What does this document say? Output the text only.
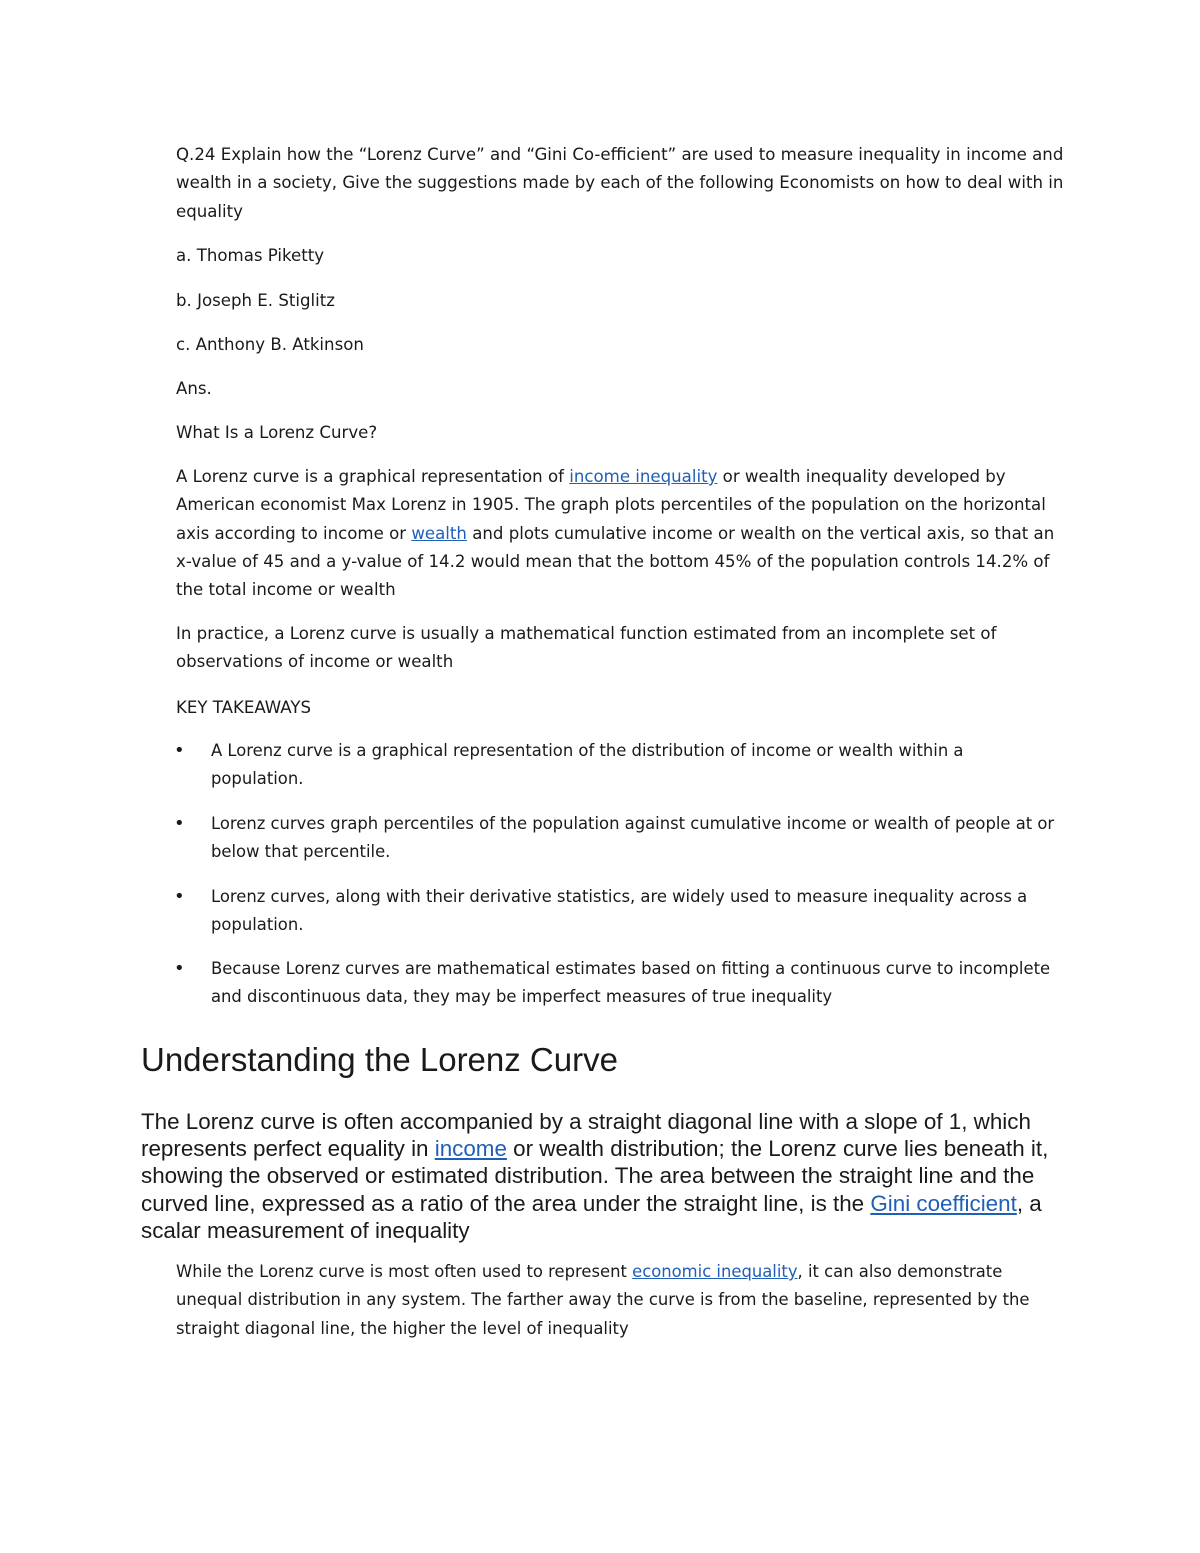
Q.24 Explain how the “Lorenz Curve” and “Gini Co-efficient” are used to measure inequality in income and wealth in a society, Give the suggestions made by each of the following Economists on how to deal with in equality

a. Thomas Piketty

b. Joseph E. Stiglitz

c. Anthony B. Atkinson

Ans.

What Is a Lorenz Curve?

A Lorenz curve is a graphical representation of income inequality or wealth inequality developed by American economist Max Lorenz in 1905. The graph plots percentiles of the population on the horizontal axis according to income or wealth and plots cumulative income or wealth on the vertical axis, so that an x-value of 45 and a y-value of 14.2 would mean that the bottom 45% of the population controls 14.2% of the total income or wealth

In practice, a Lorenz curve is usually a mathematical function estimated from an incomplete set of observations of income or wealth

KEY TAKEAWAYS

• A Lorenz curve is a graphical representation of the distribution of income or wealth within a population.

• Lorenz curves graph percentiles of the population against cumulative income or wealth of people at or below that percentile.

• Lorenz curves, along with their derivative statistics, are widely used to measure inequality across a population.

• Because Lorenz curves are mathematical estimates based on fitting a continuous curve to incomplete and discontinuous data, they may be imperfect measures of true inequality

Understanding the Lorenz Curve

The Lorenz curve is often accompanied by a straight diagonal line with a slope of 1, which represents perfect equality in income or wealth distribution; the Lorenz curve lies beneath it, showing the observed or estimated distribution. The area between the straight line and the curved line, expressed as a ratio of the area under the straight line, is the Gini coefficient, a scalar measurement of inequality

While the Lorenz curve is most often used to represent economic inequality, it can also demonstrate unequal distribution in any system. The farther away the curve is from the baseline, represented by the straight diagonal line, the higher the level of inequality
